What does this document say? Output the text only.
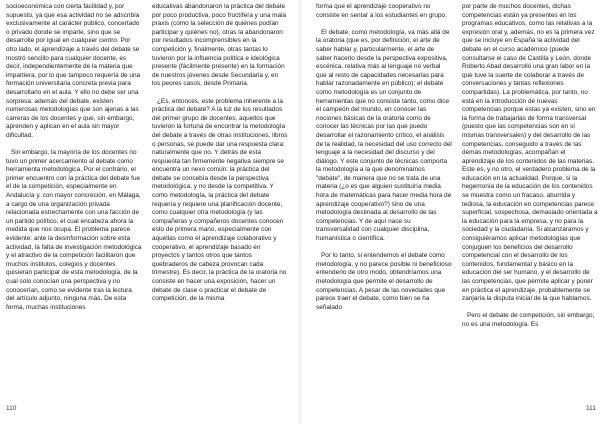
socioeconómica con cierta facilidad y, por supuesto, ya que esa actividad no se adscribía exclusivamente al carácter público, concertado o privado donde se imparte, sino que se desarrolle por igual en cualquier centro. Por otro lado, el aprendizaje a través del debate se mostró sencillo para cualquier docente, es decir, independientemente de la materia que impartiera, por lo que tampoco requería de una formación universitaria concreta previa para desarrollarlo en el aula. Y ello no debe ser una sorpresa: además del debate, existen numerosas metodologías que son ajenas a las carreras de los docentes y que, sin embargo, aprenden y aplican en el aula sin mayor dificultad.

Sin embargo, la mayoría de los docentes no tuvo un primer acercamiento al debate como herramienta metodológica. Por el contrario, el primer encuentro con la práctica del debate fue el de la competición, especialmente en Andalucía y, con mayor concreción, en Málaga, a cargo de una organización privada relacionada estrechamente con una facción de un partido político, el cual encabeza ahora la medida que nos ocupa. El problema parece evidente: ante la desinformación sobre esta actividad, la falta de investigación metodológica y el atractivo de la competición facilitaron que muchos institutos, colegios y docentes quisieran participar de esta metodología, de la cual solo conocían una perspectiva y no conocerían, como se evidente tras la lectura del artículo adjunto, ninguna más. De esta forma, muchas instituciones

educativas abandonaron la práctica del debate por poco productiva, poco fructífera y una mala praxis (como la selección de quiénes podían participar y quiénes no), otras la abandonaron por resultados incomprensibles en la competición y, finalmente, otras tantas lo tuvieron por la influencia política e ideológica presente (fácilmente presente) en la formación de nuestros jóvenes desde Secundaria y, en los peores casos, desde Primaria.

¿Es, entonces, este problema inherente a la práctica del debate? A la luz de los resultados del primer grupo de docentes, aquellos que tuvieron la fortuna de encontrar la metodología del debate a través de otras instituciones, libros o personas, se puede dar una respuesta clara: naturalmente que no. Y detrás de esta respuesta tan firmemente negativa siempre se encuentra un nexo común: la práctica del debate se concebía desde la perspectiva metodológica, y no desde la competitiva. Y como metodología, la práctica del debate requería y requiere una planificación docente, como cualquier otra metodología (y las compañeras y compañeros docentes conocen esto de primera mano, especialmente con aquellas como el aprendizaje colaborativo y cooperativo, el aprendizaje basado en proyectos y tantos otros que tantos quebraderos de cabeza provocan cada trimestre). Es decir, la práctica de la oratoria no consiste en hacer una exposición, hacer un debate de clase o practicar el debate de competición, de la misma

110

forma que el aprendizaje cooperativo no consiste en sentar a los estudiantes en grupo.

El debate, como metodología, va más allá de la oratoria (que es, por definición, el arte de saber hablar y, particularmente, el arte de saber hacerlo desde la perspectiva expositiva, escénica, relativa más al lenguaje no verbal que al resto de capacidades necesarias para hablar razonadamente en público); el debate como metodología es un conjunto de herramientas que no consiste tanto, como dice el campeón del mundo, en conocer las nociones básicas de la oratoria como de conocer las técnicas por las que puedo desarrollar el razonamiento crítico, el análisis de la realidad, la necesidad del uso correcto del lenguaje a la necesidad del discurso y del diálogo. Y este conjunto de técnicas comporta la metodología a la que denominamos "debate", de manera que no se trata de una materia (¿o es que alguien sustituiría media hora de matemáticas para hacer media hora de aprendizaje cooperativo?) sino de una metodología destinada al desarrollo de las competencias. Y de aquí nace su transversalidad con cualquier disciplina, humanística o científica.

Por lo tanto, si entendemos el debate como metodología, y no parece posible ni beneficioso entenderlo de otro modo, obtendríamos una metodología que permite el desarrollo de competencias. A pesar de las novedades que parece traer el debate, como bien se ha señalado

por parte de muchos docentes, dichas competencias están ya presentes en los programas educativos, como las relativas a la expresión oral y, además, no es la primera vez que se incluye en España la actividad del debate en el curso académico (puede consultarse el caso de Castilla y León, donde Roberto Abad desarrolló una gran labor en la que tuve la suerte de colaborar a través de conversaciones y tantas reflexiones compartidas). La problemática, por tanto, no está en la introducción de nuevas competencias porque estas ya existen, sino en la forma de trabajarlas de forma transversal (puesto que las competencias son en sí mismas transversales) y del desarrollo de las competencias, conseguido a través de las demás metodologías, acompañan el aprendizaje de los contenidos de las materias. Este es, y no otro, el verdadero problema de la educación en la actualidad. Porque, si la hegemonía de la educación de los contenidos se muestra como un fracaso, aburrida y tediosa, la educación en competencias parece superficial, sospechosa, demasiado orientada a la educación para la empresa, y no para la sociedad y la ciudadanía. Si alcanzáramos y consiguiéramos aplicar metodologías que conjuguen los beneficios del desarrollo competencial con el desarrollo de los contenidos, fundamental y básico en la educación del ser humano, y el desarrollo de las competencias, que permite aplicar y poner en práctica el aprendizaje, probablemente se zanjaría la disputa inicial de la que hablamos.

Pero el debate de competición, sin embargo, no es una metodología. Es

111
